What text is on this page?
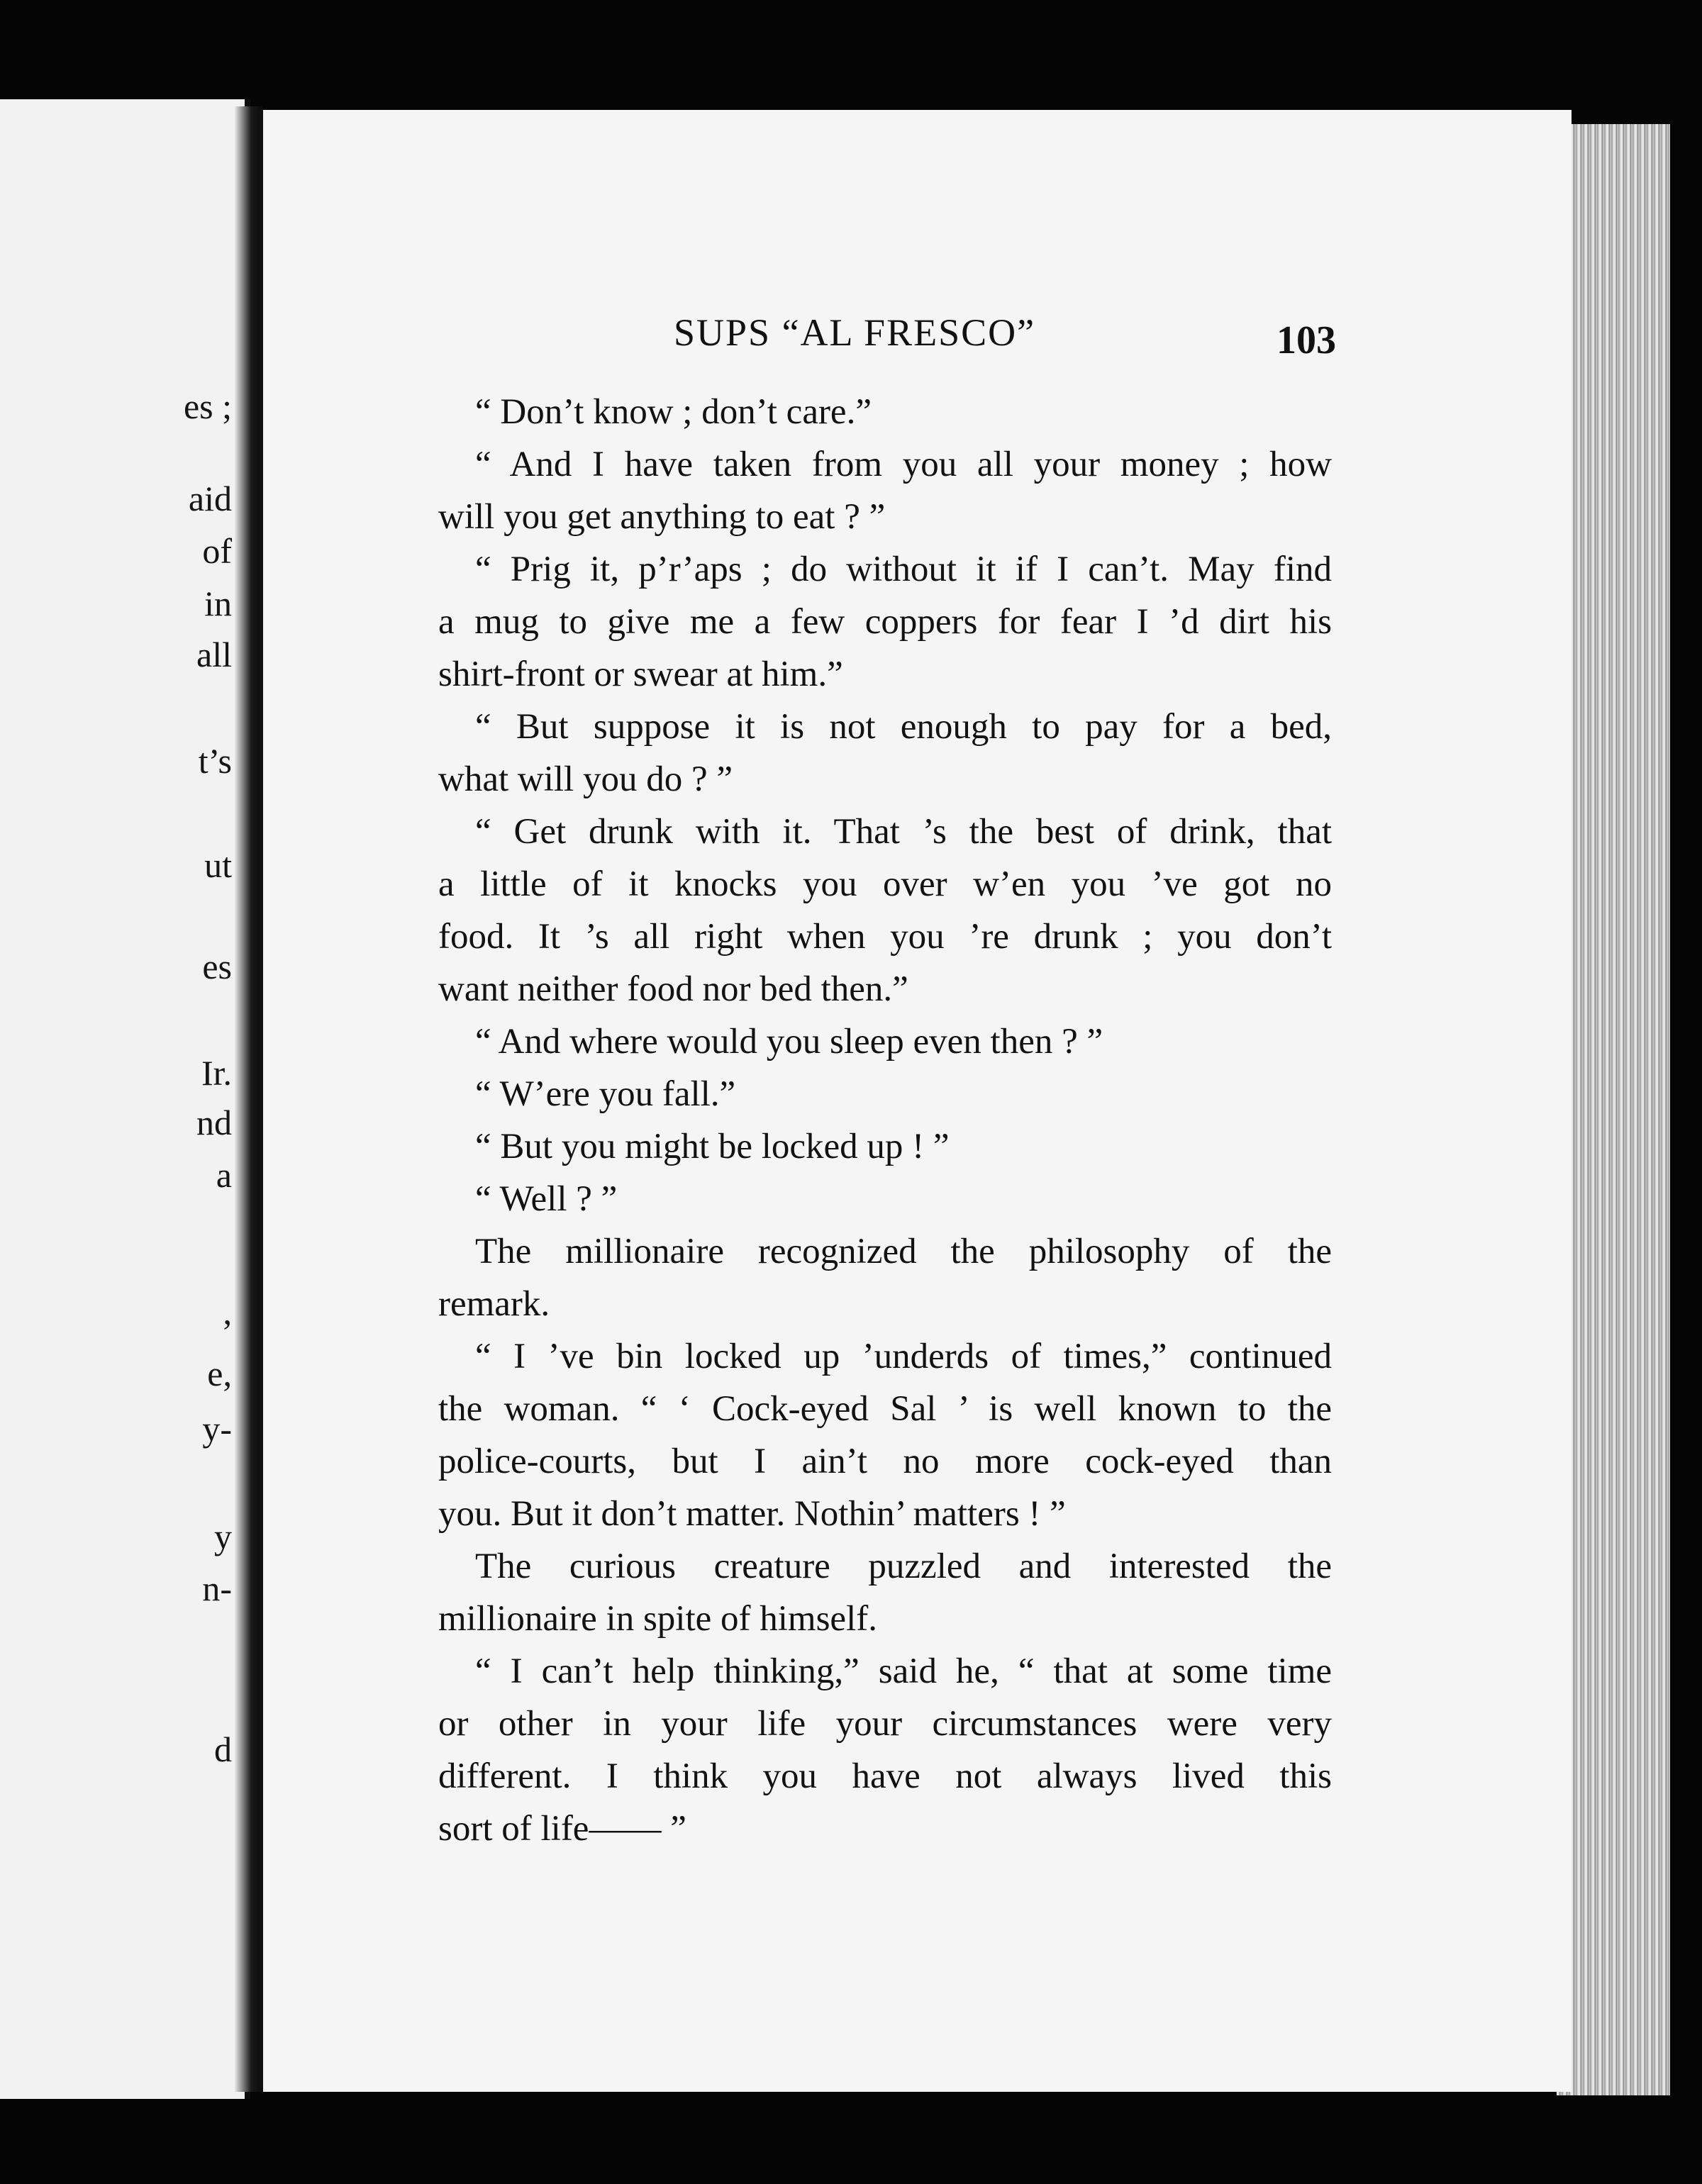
es ;
aid
of
in
all
t’s
ut
es
Ir.
nd
a
,
e,
y-
y
n-
d
SUPS “AL FRESCO”	103
“ Don’t know ; don’t care.”
“ And I have taken from you all your money ; how
will you get anything to eat ? ”
“ Prig it, p’r’aps ; do without it if I can’t. May find
a mug to give me a few coppers for fear I ’d dirt his
shirt-front or swear at him.”
“ But suppose it is not enough to pay for a bed,
what will you do ? ”
“ Get drunk with it. That ’s the best of drink, that
a little of it knocks you over w’en you ’ve got no
food. It ’s all right when you ’re drunk ; you don’t
want neither food nor bed then.”
“ And where would you sleep even then ? ”
“ W’ere you fall.”
“ But you might be locked up ! ”
“ Well ? ”
The millionaire recognized the philosophy of the
remark.
“ I ’ve bin locked up ’underds of times,” continued
the woman. “ ‘ Cock-eyed Sal ’ is well known to the
police-courts, but I ain’t no more cock-eyed than
you. But it don’t matter. Nothin’ matters ! ”
The curious creature puzzled and interested the
millionaire in spite of himself.
“ I can’t help thinking,” said he, “ that at some time
or other in your life your circumstances were very
different. I think you have not always lived this
sort of life—— ”
